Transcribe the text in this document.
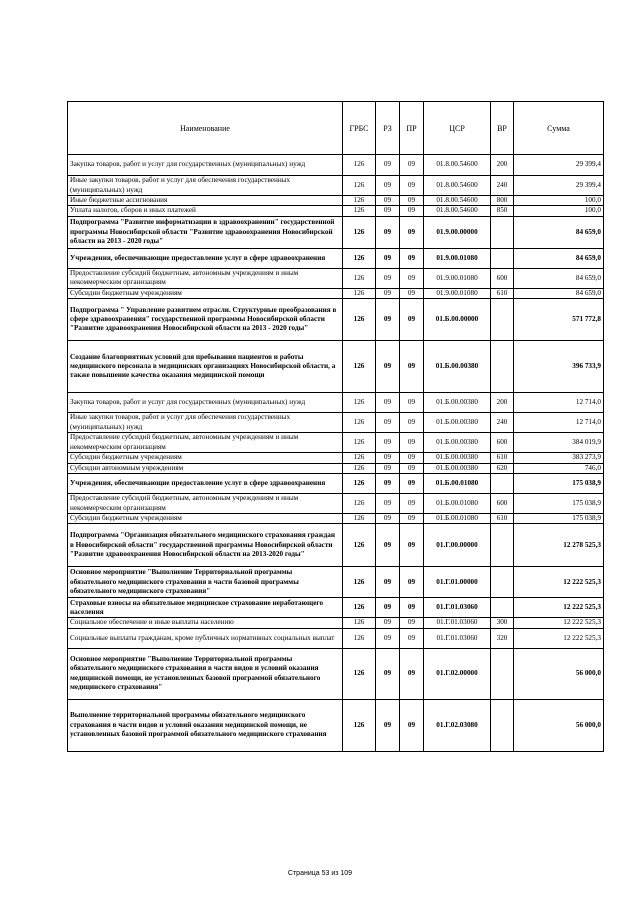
Наименование	ГРБС	РЗ	ПР	ЦСР	ВР	Сумма
Закупка товаров, работ и услуг для государственных (муниципальных) нужд	126	09	09	01.8.00.54600	200	29 399,4
Иные закупки товаров, работ и услуг для обеспечения государственных (муниципальных) нужд	126	09	09	01.8.00.54600	240	29 399,4
Иные бюджетные ассигнования	126	09	09	01.8.00.54600	800	100,0
Уплата налогов, сборов и иных платежей	126	09	09	01.8.00.54600	850	100,0
Подпрограмма "Развитие информатизации в здравоохранении" государственной программы Новосибирской области "Развитие здравоохранения Новосибирской области на 2013 - 2020 годы"	126	09	09	01.9.00.00000		84 659,0
Учреждения, обеспечивающие предоставление услуг в сфере здравоохранения	126	09	09	01.9.00.01080		84 659,0
Предоставление субсидий бюджетным, автономным учреждениям и иным некоммерческим организациям	126	09	09	01.9.00.01080	600	84 659,0
Субсидии бюджетным учреждениям	126	09	09	01.9.00.01080	610	84 659,0
Подпрограмма " Управление развитием отрасли. Структурные преобразования в сфере здравоохранения" государственной программы Новосибирской области "Развитие здравоохранения Новосибирской области на 2013 - 2020 годы"	126	09	09	01.Б.00.00000		571 772,8
Создание благоприятных условий для пребывания пациентов и работы медицинского персонала в медицинских организациях Новосибирской области, а также повышение качества оказания медицинской помощи	126	09	09	01.Б.00.00380		396 733,9
Закупка товаров, работ и услуг для государственных (муниципальных) нужд	126	09	09	01.Б.00.00380	200	12 714,0
Иные закупки товаров, работ и услуг для обеспечения государственных (муниципальных) нужд	126	09	09	01.Б.00.00380	240	12 714,0
Предоставление субсидий бюджетным, автономным учреждениям и иным некоммерческим организациям	126	09	09	01.Б.00.00380	600	384 019,9
Субсидии бюджетным учреждениям	126	09	09	01.Б.00.00380	610	383 273,9
Субсидии автономным учреждениям	126	09	09	01.Б.00.00380	620	746,0
Учреждения, обеспечивающие предоставление услуг в сфере здравоохранения	126	09	09	01.Б.00.01080		175 038,9
Предоставление субсидий бюджетным, автономным учреждениям и иным некоммерческим организациям	126	09	09	01.Б.00.01080	600	175 038,9
Субсидии бюджетным учреждениям	126	09	09	01.Б.00.01080	610	175 038,9
Подпрограмма "Организация обязательного медицинского страхования граждан в Новосибирской области" государственной программы Новосибирской области "Развитие здравоохранения Новосибирской области на 2013-2020 годы"	126	09	09	01.Г.00.00000		12 278 525,3
Основное мероприятие "Выполнение Территориальной программы обязательного медицинского страхования в части базовой программы обязательного медицинского страхования"	126	09	09	01.Г.01.00000		12 222 525,3
Страховые взносы на обязательное медицинское страхование неработающего населения	126	09	09	01.Г.01.03060		12 222 525,3
Социальное обеспечение и иные выплаты населению	126	09	09	01.Г.01.03060	300	12 222 525,3
Социальные выплаты гражданам, кроме публичных нормативных социальных выплат	126	09	09	01.Г.01.03060	320	12 222 525,3
Основное мероприятие "Выполнение Территориальной программы обязательного медицинского страхования в части видов и условий оказания медицинской помощи, не установленных базовой программой обязательного медицинского страхования"	126	09	09	01.Г.02.00000		56 000,0
Выполнение территориальной программы обязательного медицинского страхования в части видов и условий оказания медицинской помощи, не установленных базовой программой обязательного медицинского страхования	126	09	09	01.Г.02.03080		56 000,0
Страница 53 из 109
